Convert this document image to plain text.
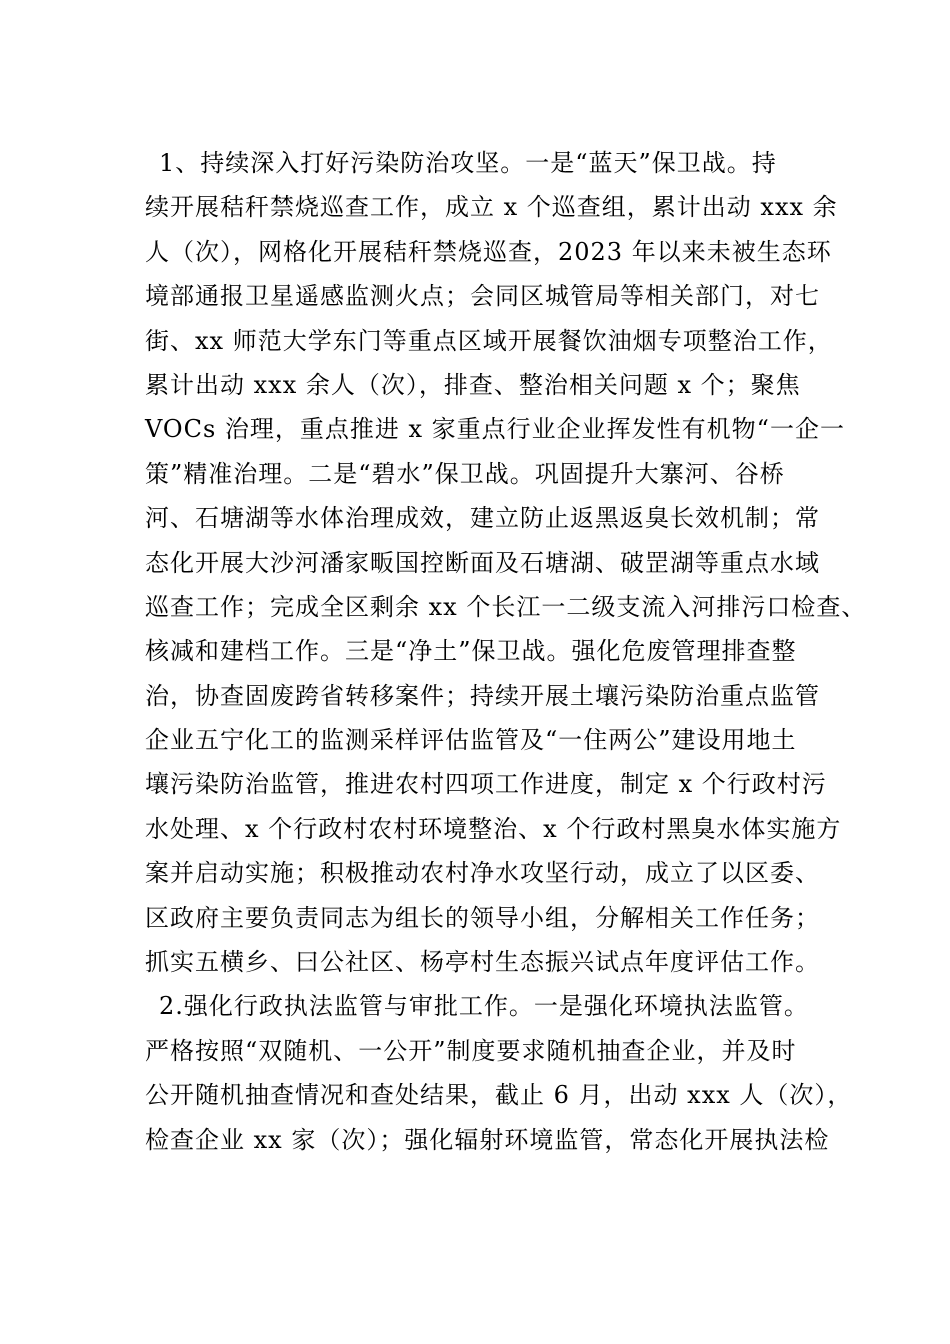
1、持续深入打好污染防治攻坚。一是“蓝天”保卫战。持
续开展秸秆禁烧巡查工作，成立 x 个巡查组，累计出动 xxx 余
人（次），网格化开展秸秆禁烧巡查，2023 年以来未被生态环
境部通报卫星遥感监测火点；会同区城管局等相关部门，对七
街、xx 师范大学东门等重点区域开展餐饮油烟专项整治工作，
累计出动 xxx 余人（次），排查、整治相关问题 x 个；聚焦
VOCs 治理，重点推进 x 家重点行业企业挥发性有机物“一企一
策”精准治理。二是“碧水”保卫战。巩固提升大寨河、谷桥
河、石塘湖等水体治理成效，建立防止返黑返臭长效机制；常
态化开展大沙河潘家畈国控断面及石塘湖、破罡湖等重点水域
巡查工作；完成全区剩余 xx 个长江一二级支流入河排污口检查、
核减和建档工作。三是“净土”保卫战。强化危废管理排查整
治，协查固废跨省转移案件；持续开展土壤污染防治重点监管
企业五宁化工的监测采样评估监管及“一住两公”建设用地土
壤污染防治监管，推进农村四项工作进度，制定 x 个行政村污
水处理、x 个行政村农村环境整治、x 个行政村黑臭水体实施方
案并启动实施；积极推动农村净水攻坚行动，成立了以区委、
区政府主要负责同志为组长的领导小组，分解相关工作任务；
抓实五横乡、曰公社区、杨亭村生态振兴试点年度评估工作。
2.强化行政执法监管与审批工作。一是强化环境执法监管。
严格按照“双随机、一公开”制度要求随机抽查企业，并及时
公开随机抽查情况和查处结果，截止 6 月，出动 xxx 人（次），
检查企业 xx 家（次）；强化辐射环境监管，常态化开展执法检
